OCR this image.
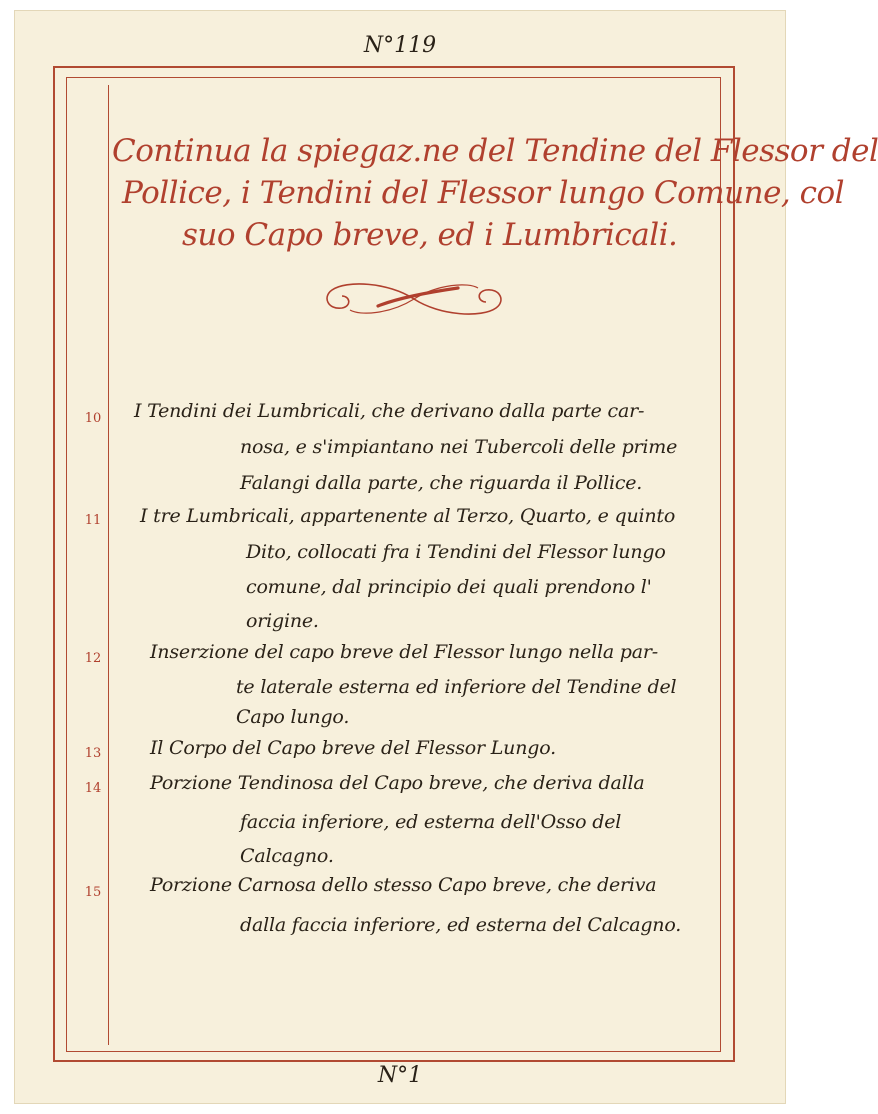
N°119
Continua la spiegaz.ne del Tendine del Flessor del
Pollice, i Tendini del Flessor lungo Comune, col
suo Capo breve, ed i Lumbricali.
10 I Tendini dei Lumbricali, che derivano dalla parte car-
nosa, e s'impiantano nei Tubercoli delle prime
Falangi dalla parte, che riguarda il Pollice.
11 I tre Lumbricali, appartenente al Terzo, Quarto, e quinto
Dito, collocati fra i Tendini del Flessor lungo
comune, dal principio dei quali prendono l'
origine.
12	Inserzione del capo breve del Flessor lungo nella par-
te laterale esterna ed inferiore del Tendine del
Capo lungo.
13	Il Corpo del Capo breve del Flessor Lungo.
14	Porzione Tendinosa del Capo breve, che deriva dalla
faccia inferiore, ed esterna dell'Osso del
Calcagno.
15	Porzione Carnosa dello stesso Capo breve, che deriva
dalla faccia inferiore, ed esterna del Calcagno.
N°1
